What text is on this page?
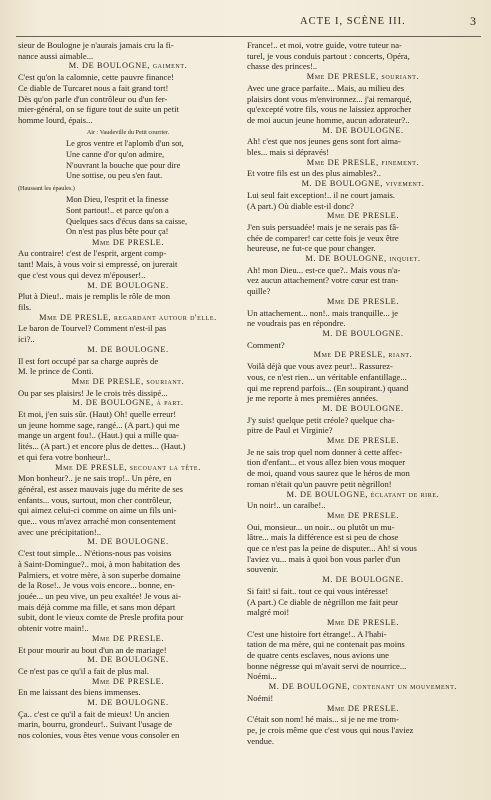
ACTE I, SCÈNE III.	3

sieur de Boulogne je n'aurais jamais cru la fi-

nance aussi aimable...

M. DE BOULOGNE, gaiment.

C'est qu'on la calomnie, cette pauvre finance!

Ce diable de Turcaret nous a fait grand tort!

Dès qu'on parle d'un contrôleur ou d'un fer-

mier-général, on se figure tout de suite un petit

homme lourd, épais...

Air : Vaudeville du Petit courrier.
Le gros ventre et l'aplomb d'un sot,
Une canne d'or qu'on admire,
N'ouvrant la bouche que pour dire
Une sottise, ou peu s'en faut.
(Haussant les épaules.)
Mon Dieu, l'esprit et la finesse
Sont partout!.. et parce qu'on a
Quelques sacs d'écus dans sa caisse,
On n'est pas plus bête pour ça!
Mme DE PRESLE.

Au contraire! c'est de l'esprit, argent comp-

tant! Mais, à vous voir si empressé, on jurerait

que c'est vous qui devez m'épouser!..

M. DE BOULOGNE.

Plut à Dieu!.. mais je remplis le rôle de mon

fils.

Mme DE PRESLE, regardant autour d'elle.

Le baron de Tourvel? Comment n'est-il pas

ici?..

M. DE BOULOGNE.

Il est fort occupé par sa charge auprès de

M. le prince de Conti.

Mme DE PRESLE, souriant.

Ou par ses plaisirs! Je le crois très dissipé...

M. DE BOULOGNE, à part.

Et moi, j'en suis sûr. (Haut) Oh! quelle erreur!

un jeune homme sage, rangé... (A part.) qui me

mange un argent fou!.. (Haut.) qui a mille qua-

lités... (A part.) et encore plus de dettes... (Haut.)

et qui fera votre bonheur!..

Mme DE PRESLE, secouant la tête.

Mon bonheur?.. je ne sais trop!.. Un père, en

général, est assez mauvais juge du mérite de ses

enfants... vous, surtout, mon cher contrôleur,

qui aimez celui-ci comme on aime un fils uni-

que... vous m'avez arraché mon consentement

avec une précipitation!..

M. DE BOULOGNE.

C'est tout simple... N'étions-nous pas voisins

à Saint-Domingue?.. moi, à mon habitation des

Palmiers, et votre mère, à son superbe domaine

de la Rose!.. Je vous vois encore... bonne, en-

jouée... un peu vive, un peu exaltée! Je vous ai-

mais déjà comme ma fille, et sans mon départ

subit, dont le vieux comte de Presle profita pour

obtenir votre main!..

Mme DE PRESLE.

Et pour mourir au bout d'un an de mariage!

M. DE BOULOGNE.

Ce n'est pas ce qu'il a fait de plus mal.

Mme DE PRESLE.

En me laissant des biens immenses.

M. DE BOULOGNE.

Ça.. c'est ce qu'il a fait de mieux! Un ancien

marin, bourru, grondeur!.. Suivant l'usage de

nos colonies, vous êtes venue vous consoler en

France!.. et moi, votre guide, votre tuteur na-

turel, je vous conduis partout : concerts, Opéra,

chasse des princes!..

Mme DE PRESLE, souriant.

Avec une grace parfaite... Mais, au milieu des

plaisirs dont vous m'environnez... j'ai remarqué,

qu'excepté votre fils, vous ne laissiez approcher

de moi aucun jeune homme, aucun adorateur?..

M. DE BOULOGNE.

Ah! c'est que nos jeunes gens sont fort aima-

bles... mais si dépravés!

Mme DE PRESLE, finement.

Et votre fils est un des plus aimables?..

M. DE BOULOGNE, vivement.

Lui seul fait exception!.. il ne court jamais.

(A part.) Où diable est-il donc?

Mme DE PRESLE.

J'en suis persuadée! mais je ne serais pas fâ-

chée de comparer! car cette fois je veux être

heureuse, ne fut-ce que pour changer.

M. DE BOULOGNE, inquiet.

Ah! mon Dieu... est-ce que?.. Mais vous n'a-

vez aucun attachement? votre cœur est tran-

quille?

Mme DE PRESLE.

Un attachement... non!.. mais tranquille... je

ne voudrais pas en répondre.

M. DE BOULOGNE.

Comment?

Mme DE PRESLE, riant.

Voilà déjà que vous avez peur!.. Rassurez-

vous, ce n'est rien... un véritable enfantillage...

qui me reprend parfois... (En soupirant.) quand

je me reporte à mes premières années.

M. DE BOULOGNE.

J'y suis! quelque petit créole? quelque cha-

pitre de Paul et Virginie?

Mme DE PRESLE.

Je ne sais trop quel nom donner à cette affec-

tion d'enfant... et vous allez bien vous moquer

de moi, quand vous saurez que le héros de mon

roman n'était qu'un pauvre petit nègrillon!

M. DE BOULOGNE, éclatant de rire.

Un noir!.. un caraïbe!..

Mme DE PRESLE.

Oui, monsieur... un noir... ou plutôt un mu-

lâtre... mais la différence est si peu de chose

que ce n'est pas la peine de disputer... Ah! si vous

l'aviez vu... mais à quoi bon vous parler d'un

souvenir.

M. DE BOULOGNE.

Si fait! si fait.. tout ce qui vous intéresse!

(A part.) Ce diable de nègrillon me fait peur

malgré moi!

Mme DE PRESLE.

C'est une histoire fort étrange!.. A l'habi-

tation de ma mère, qui ne contenait pas moins

de quatre cents esclaves, nous avions une

bonne négresse qui m'avait servi de nourrice...

Noémi...

M. DE BOULOGNE, contenant un mouvement.

Noémi!

Mme DE PRESLE.

C'était son nom! hé mais... si je ne me trom-

pe, je crois même que c'est vous qui nous l'aviez

vendue.
